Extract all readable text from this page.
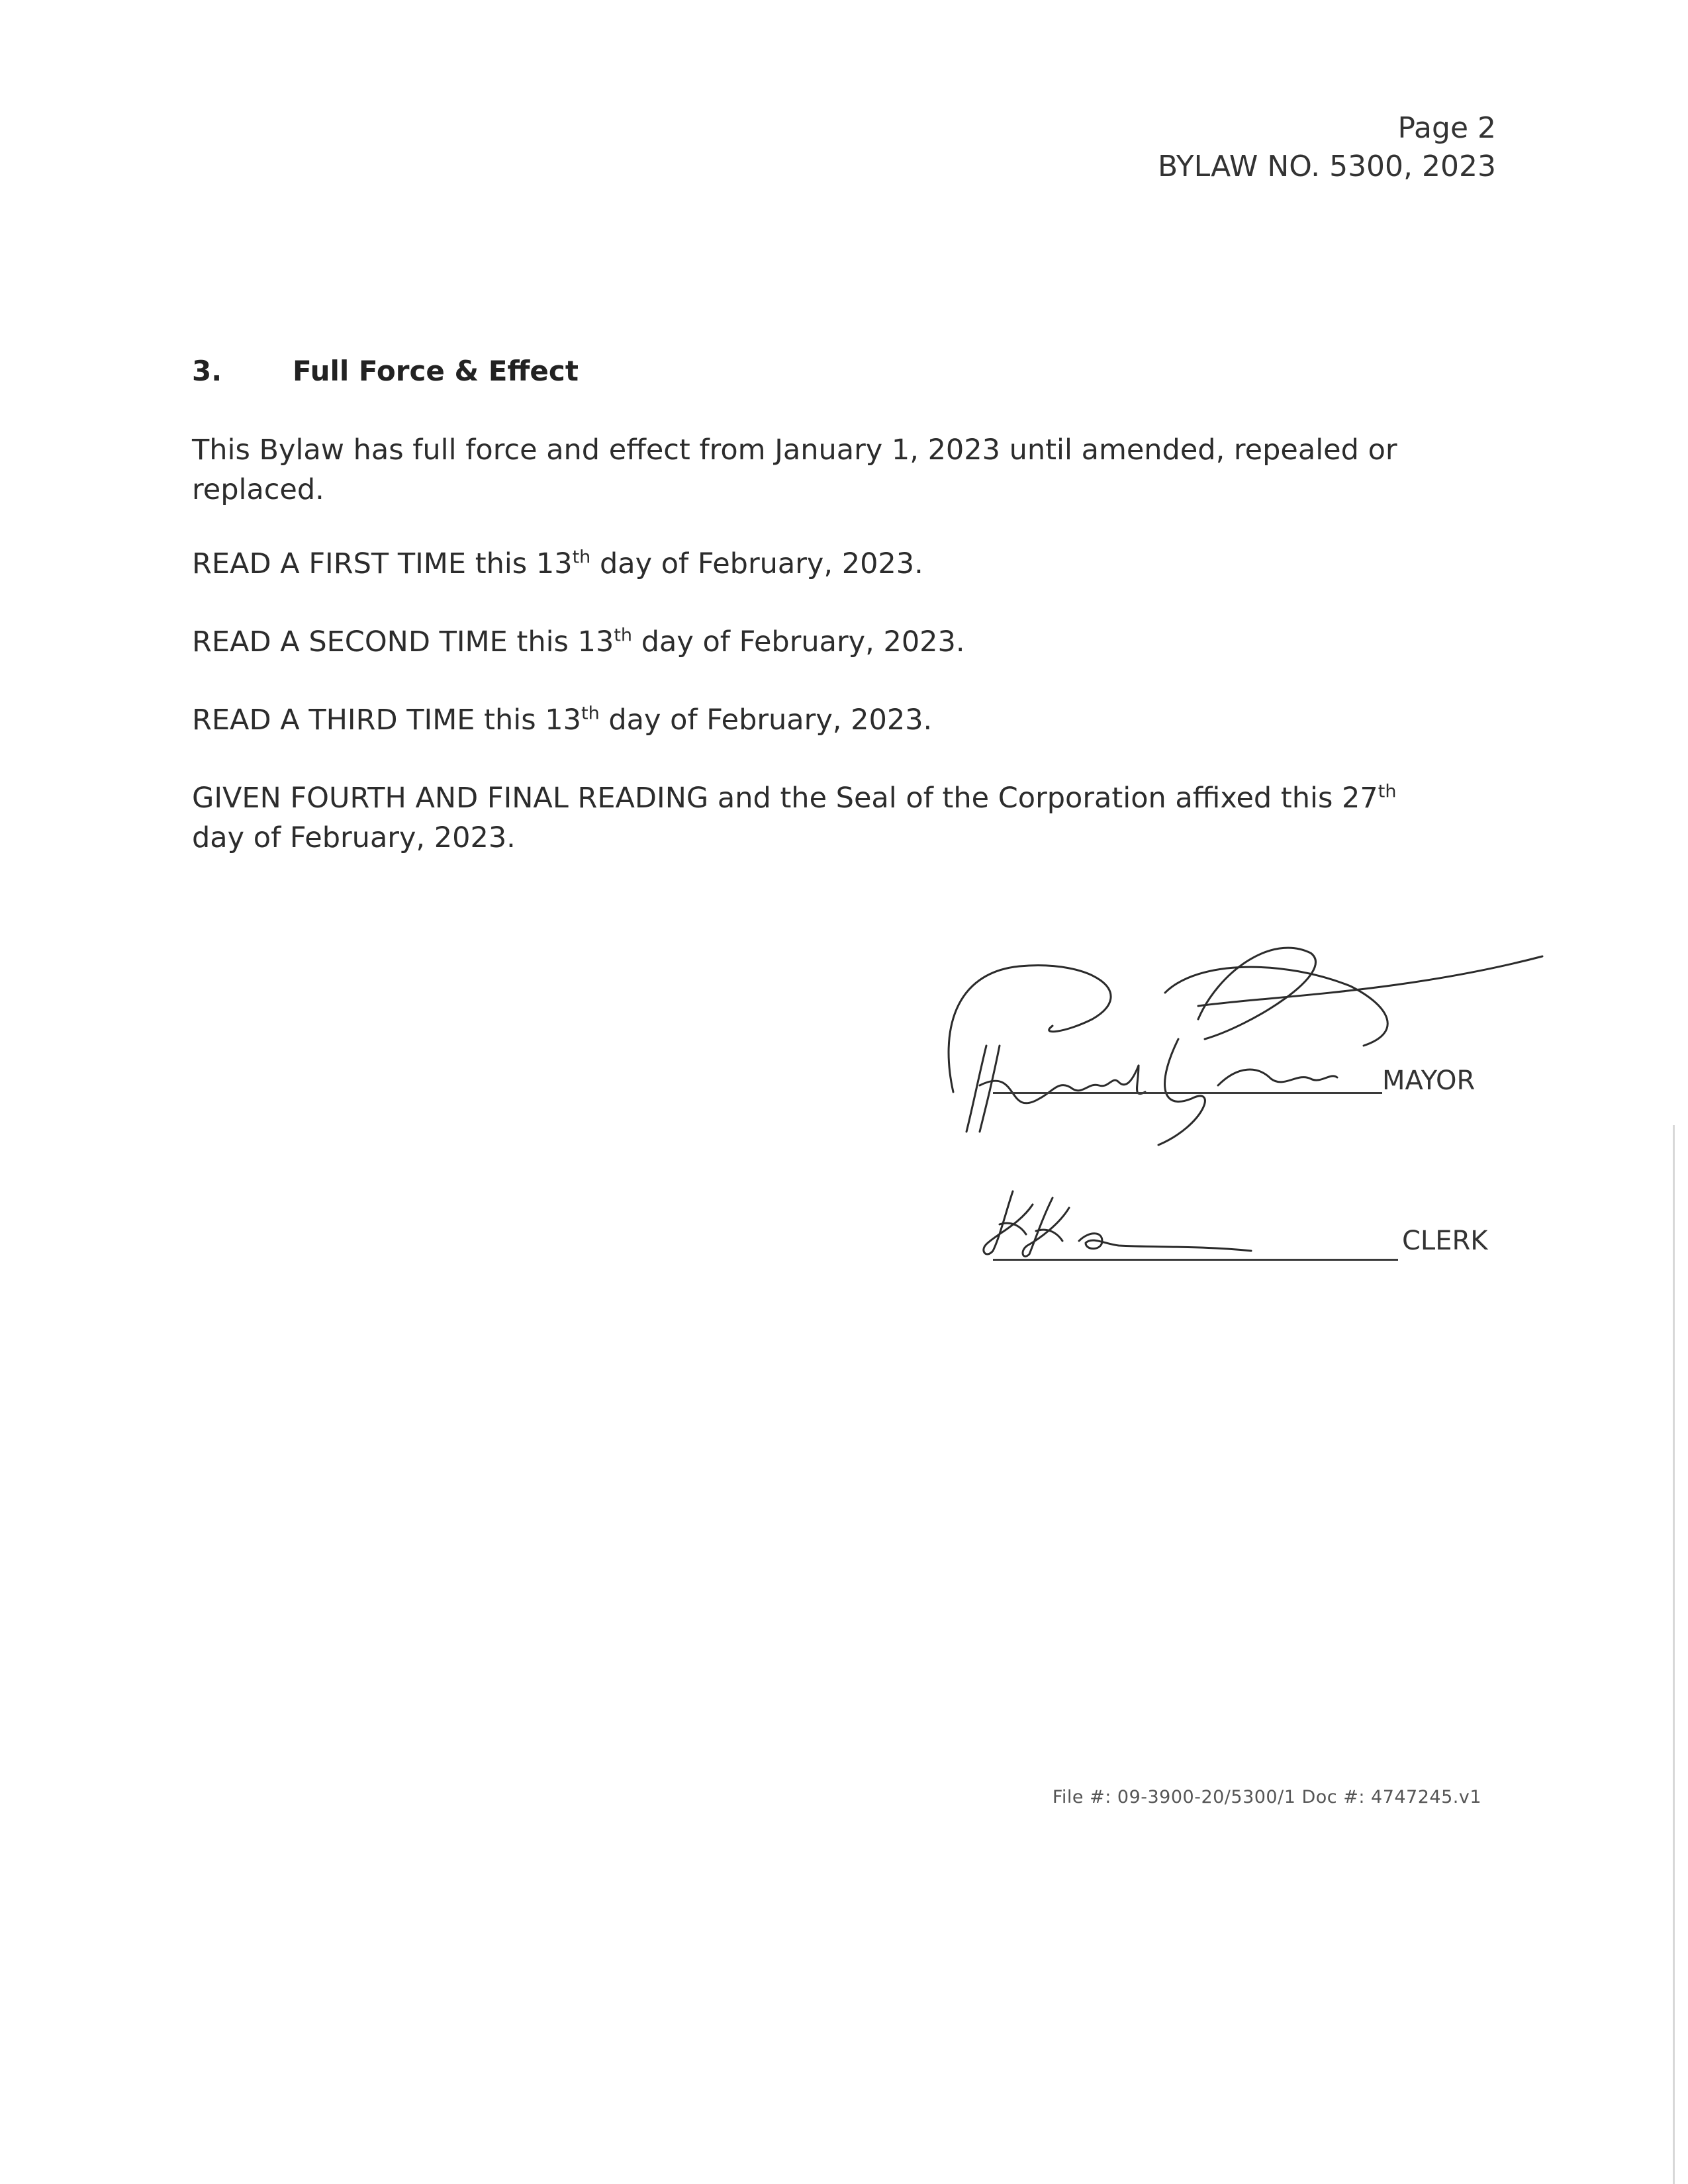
Page 2
BYLAW NO. 5300, 2023
3.	Full Force & Effect
This Bylaw has full force and effect from January 1, 2023 until amended, repealed or replaced.
READ A FIRST TIME this 13th day of February, 2023.
READ A SECOND TIME this 13th day of February, 2023.
READ A THIRD TIME this 13th day of February, 2023.
GIVEN FOURTH AND FINAL READING and the Seal of the Corporation affixed this 27th day of February, 2023.
MAYOR
CLERK
File #: 09-3900-20/5300/1 Doc #: 4747245.v1
